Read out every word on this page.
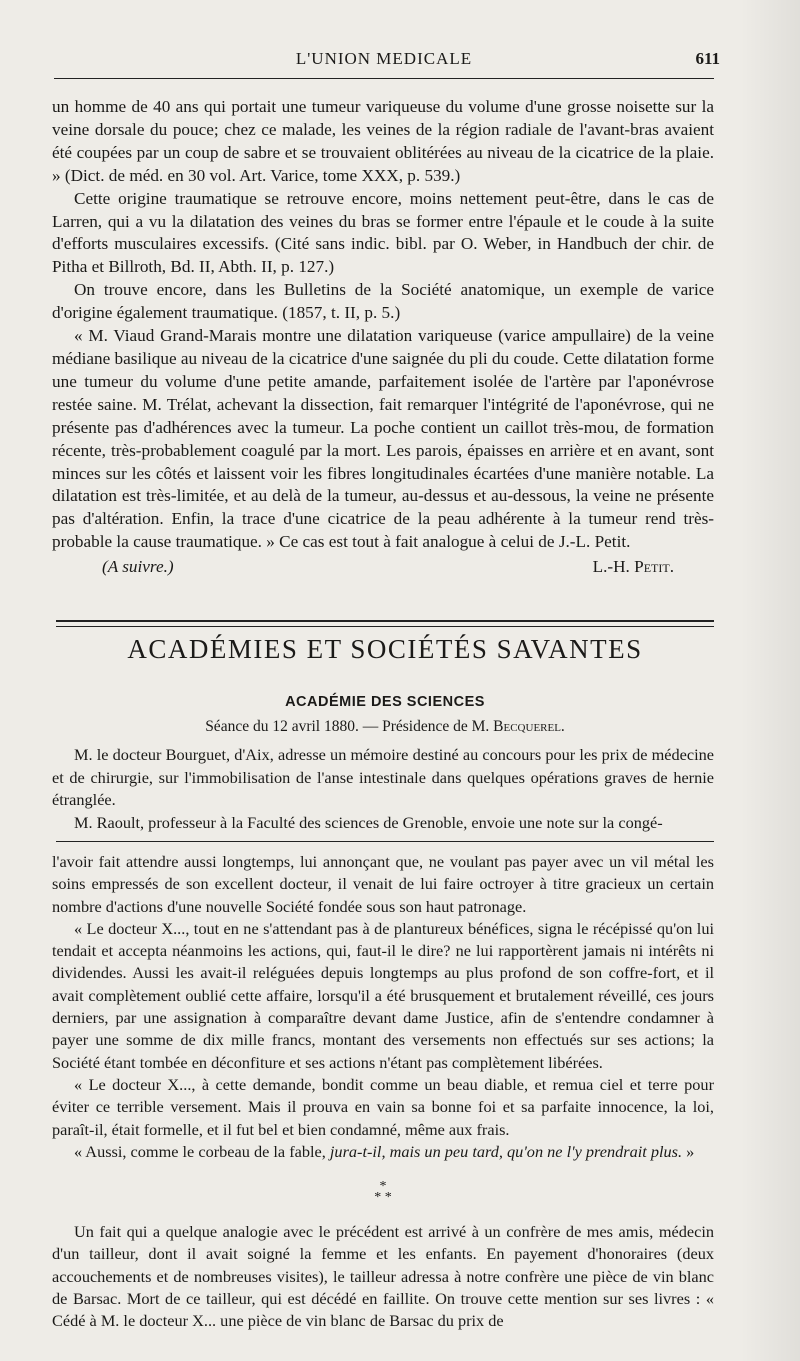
L'UNION MEDICALE	611

un homme de 40 ans qui portait une tumeur variqueuse du volume d'une grosse noisette sur la veine dorsale du pouce; chez ce malade, les veines de la région radiale de l'avant-bras avaient été coupées par un coup de sabre et se trouvaient oblitérées au niveau de la cicatrice de la plaie. » (Dict. de méd. en 30 vol. Art. Varice, tome XXX, p. 539.)

Cette origine traumatique se retrouve encore, moins nettement peut-être, dans le cas de Larren, qui a vu la dilatation des veines du bras se former entre l'épaule et le coude à la suite d'efforts musculaires excessifs. (Cité sans indic. bibl. par O. Weber, in Handbuch der chir. de Pitha et Billroth, Bd. II, Abth. II, p. 127.)

On trouve encore, dans les Bulletins de la Société anatomique, un exemple de varice d'origine également traumatique. (1857, t. II, p. 5.)

« M. Viaud Grand-Marais montre une dilatation variqueuse (varice ampullaire) de la veine médiane basilique au niveau de la cicatrice d'une saignée du pli du coude. Cette dilatation forme une tumeur du volume d'une petite amande, parfaitement isolée de l'artère par l'aponévrose restée saine. M. Trélat, achevant la dissection, fait remarquer l'intégrité de l'aponévrose, qui ne présente pas d'adhérences avec la tumeur. La poche contient un caillot très-mou, de formation récente, très-probablement coagulé par la mort. Les parois, épaisses en arrière et en avant, sont minces sur les côtés et laissent voir les fibres longitudinales écartées d'une manière notable. La dilatation est très-limitée, et au delà de la tumeur, au-dessus et au-dessous, la veine ne présente pas d'altération. Enfin, la trace d'une cicatrice de la peau adhérente à la tumeur rend très-probable la cause traumatique. » Ce cas est tout à fait analogue à celui de J.-L. Petit.

(A suivre.)	L.-H. Petit.
ACADÉMIES ET SOCIÉTÉS SAVANTES
ACADÉMIE DES SCIENCES
Séance du 12 avril 1880. — Présidence de M. Becquerel.

M. le docteur Bourguet, d'Aix, adresse un mémoire destiné au concours pour les prix de médecine et de chirurgie, sur l'immobilisation de l'anse intestinale dans quelques opérations graves de hernie étranglée.

M. Raoult, professeur à la Faculté des sciences de Grenoble, envoie une note sur la congé-

l'avoir fait attendre aussi longtemps, lui annonçant que, ne voulant pas payer avec un vil métal les soins empressés de son excellent docteur, il venait de lui faire octroyer à titre gracieux un certain nombre d'actions d'une nouvelle Société fondée sous son haut patronage.

« Le docteur X..., tout en ne s'attendant pas à de plantureux bénéfices, signa le récépissé qu'on lui tendait et accepta néanmoins les actions, qui, faut-il le dire? ne lui rapportèrent jamais ni intérêts ni dividendes. Aussi les avait-il reléguées depuis longtemps au plus profond de son coffre-fort, et il avait complètement oublié cette affaire, lorsqu'il a été brusquement et brutalement réveillé, ces jours derniers, par une assignation à comparaître devant dame Justice, afin de s'entendre condamner à payer une somme de dix mille francs, montant des versements non effectués sur ses actions; la Société étant tombée en déconfiture et ses actions n'étant pas complètement libérées.

« Le docteur X..., à cette demande, bondit comme un beau diable, et remua ciel et terre pour éviter ce terrible versement. Mais il prouva en vain sa bonne foi et sa parfaite innocence, la loi, paraît-il, était formelle, et il fut bel et bien condamné, même aux frais.

« Aussi, comme le corbeau de la fable, jura-t-il, mais un peu tard, qu'on ne l'y prendrait plus. »

*
* *

Un fait qui a quelque analogie avec le précédent est arrivé à un confrère de mes amis, médecin d'un tailleur, dont il avait soigné la femme et les enfants. En payement d'honoraires (deux accouchements et de nombreuses visites), le tailleur adressa à notre confrère une pièce de vin blanc de Barsac. Mort de ce tailleur, qui est décédé en faillite. On trouve cette mention sur ses livres : « Cédé à M. le docteur X... une pièce de vin blanc de Barsac du prix de
